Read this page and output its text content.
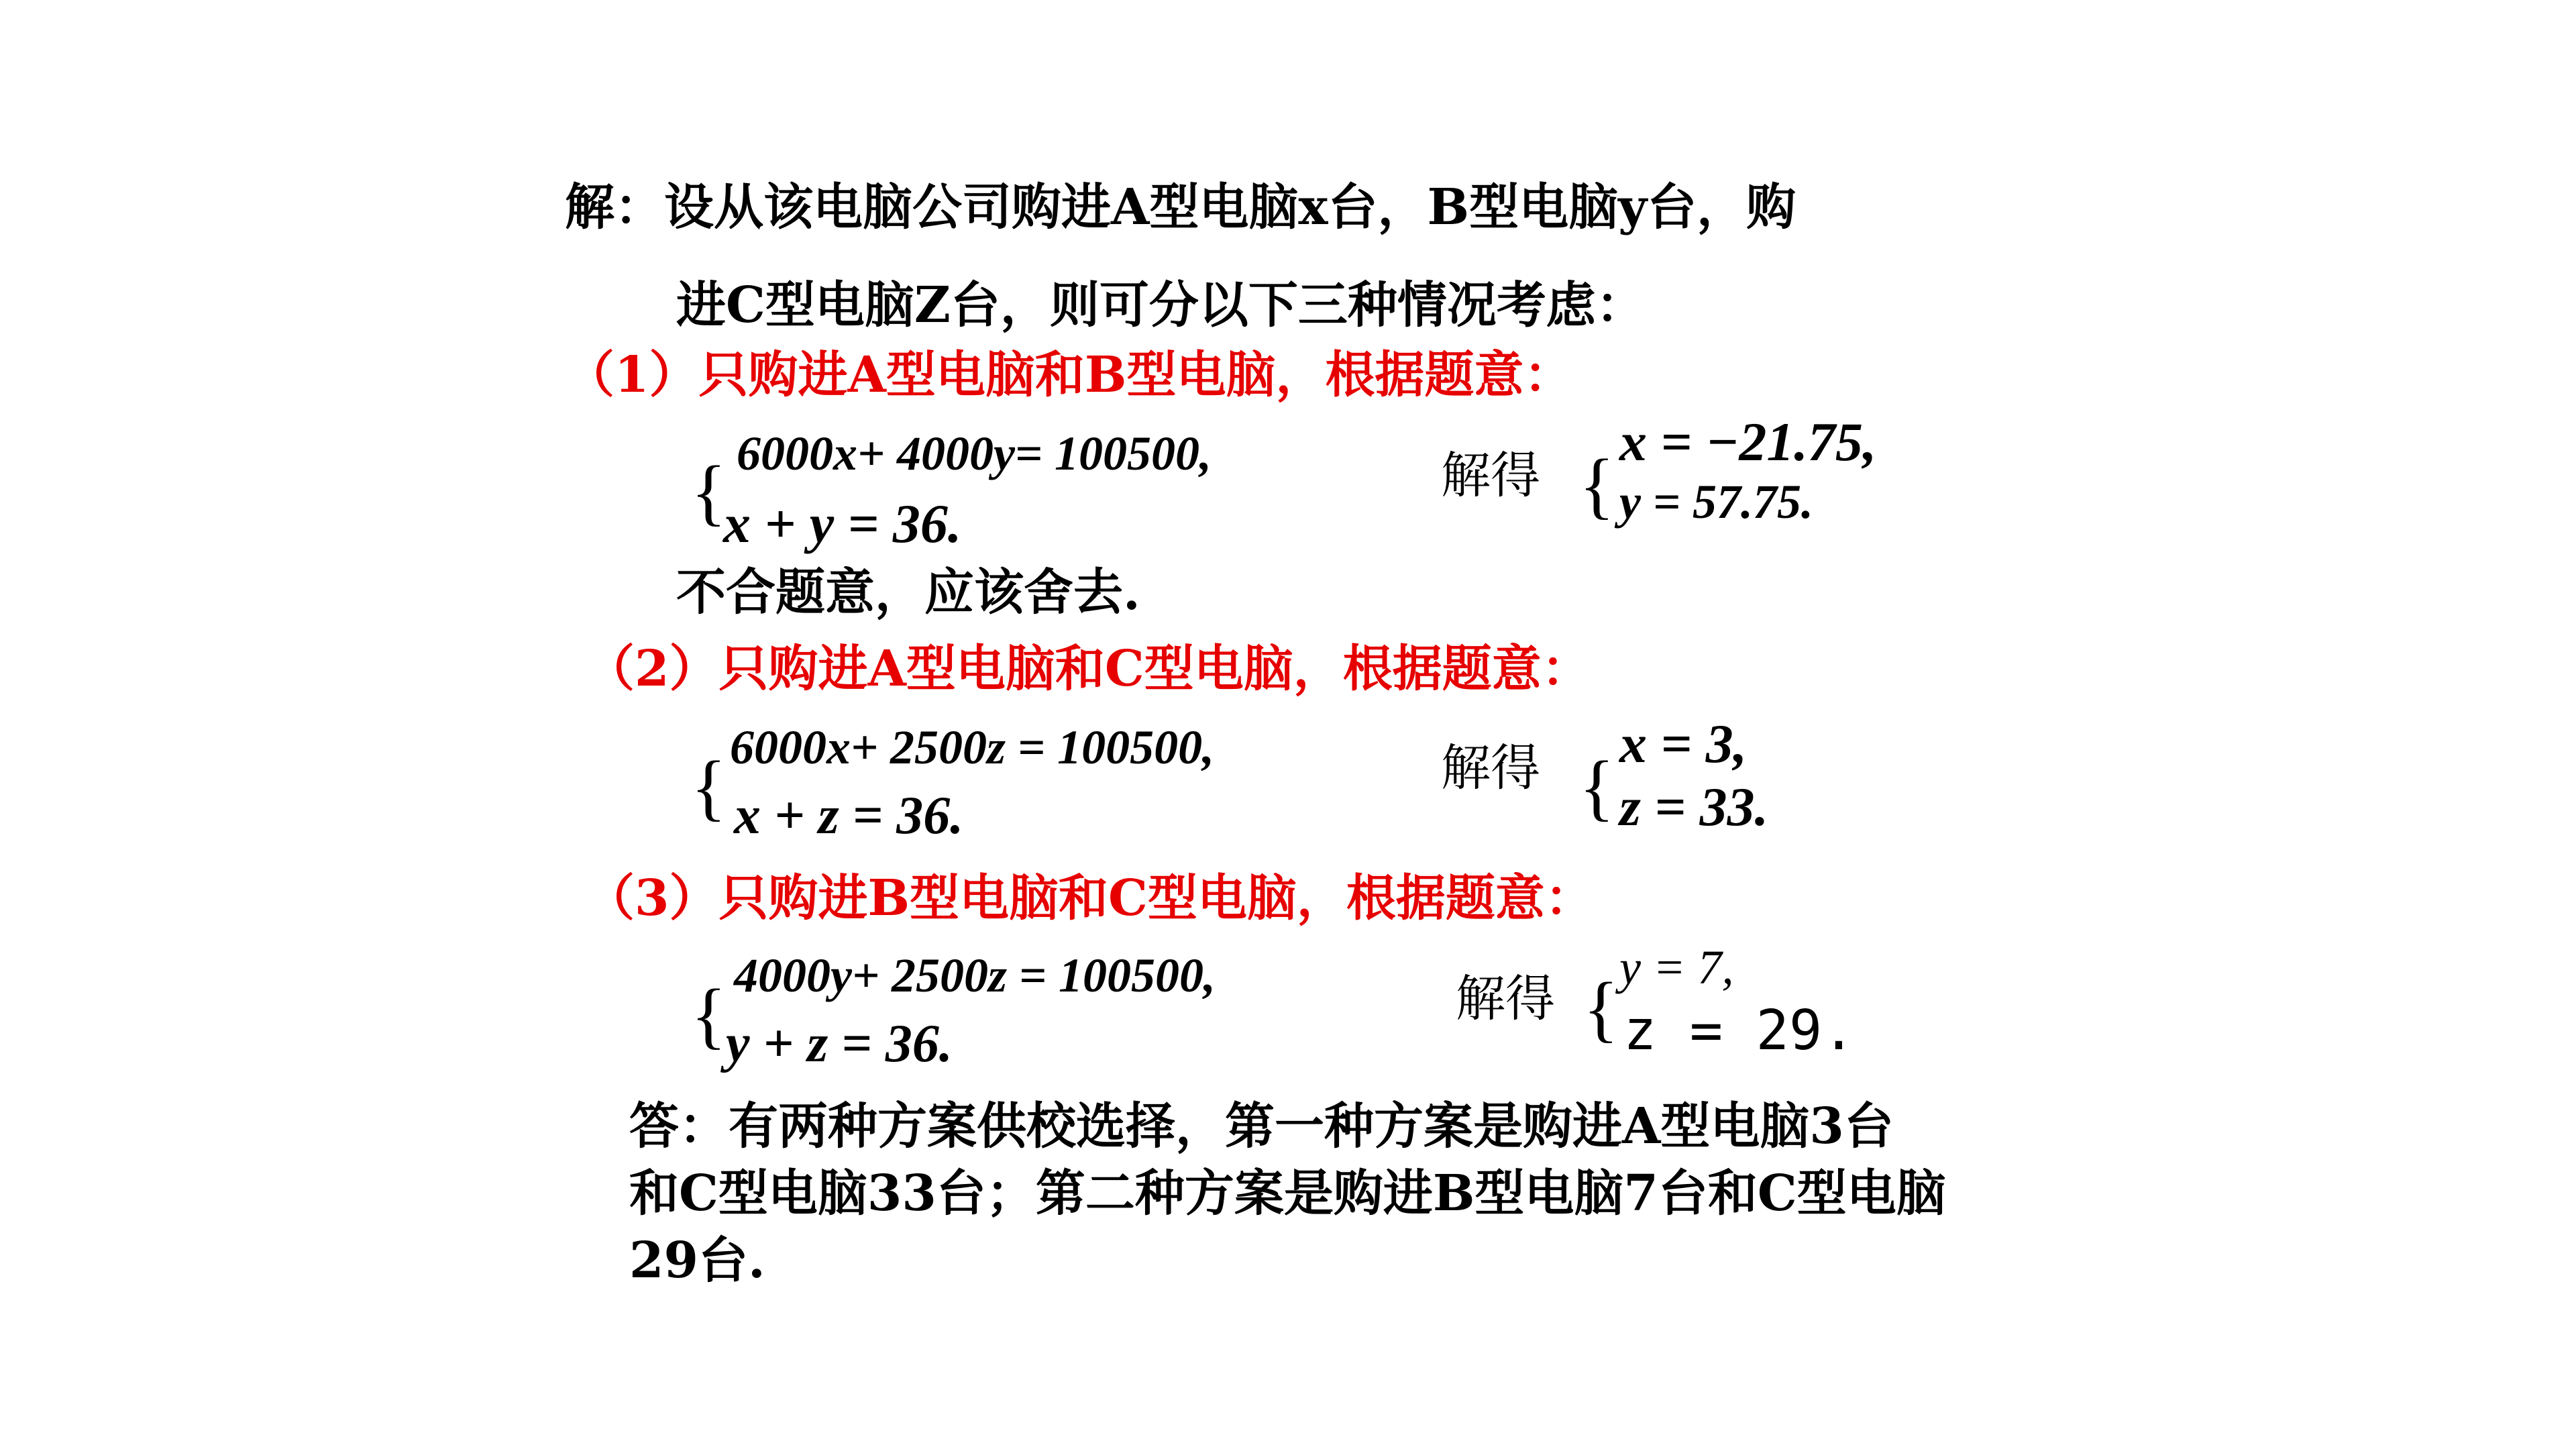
解：设从该电脑公司购进A型电脑x台，B型电脑y台，购
进C型电脑Z台，则可分以下三种情况考虑：
（1）只购进A型电脑和B型电脑，根据题意：
{ 6000x+ 4000y= 100500,
x + y = 36.
解得 {
x = −21.75,
y = 57.75.
不合题意，应该舍去.
（2）只购进A型电脑和C型电脑，根据题意：
{ 6000x+ 2500z = 100500,
x + z = 36.
解得 {
x = 3,
z = 33.
（3）只购进B型电脑和C型电脑，根据题意：
{ 4000y+ 2500z = 100500,
y + z = 36.
解得 { y = 7,
z = 29.
答：有两种方案供校选择，第一种方案是购进A型电脑3台
和C型电脑33台；第二种方案是购进B型电脑7台和C型电脑
29台.
